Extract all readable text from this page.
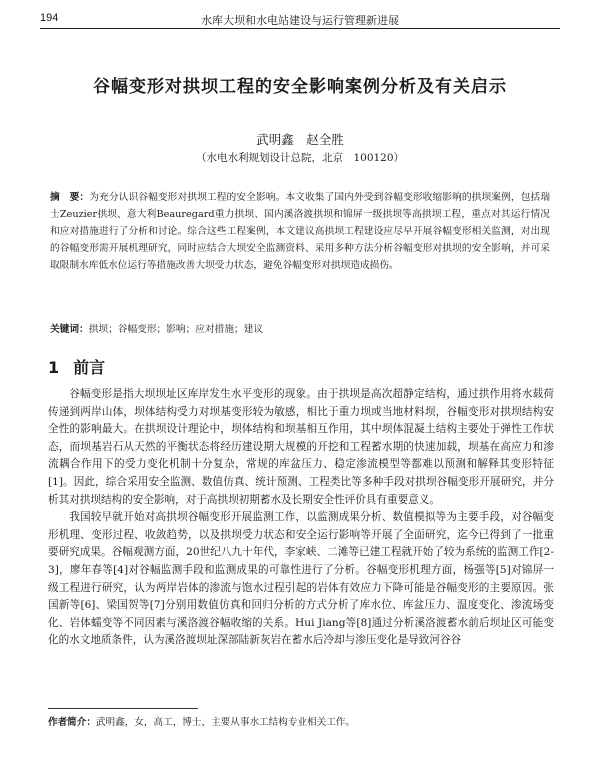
194	水库大坝和水电站建设与运行管理新进展
谷幅变形对拱坝工程的安全影响案例分析及有关启示
武明鑫　赵全胜
（水电水利规划设计总院，北京　100120）
摘　要：为充分认识谷幅变形对拱坝工程的安全影响。本文收集了国内外受到谷幅变形收缩影响的拱坝案例，包括瑞士Zeuzier拱坝、意大利Beauregard重力拱坝、国内溪洛渡拱坝和锦屏一级拱坝等高拱坝工程，重点对其运行情况和应对措施进行了分析和讨论。综合这些工程案例，本文建议高拱坝工程建设应尽早开展谷幅变形相关监测，对出现的谷幅变形需开展机理研究，同时应结合大坝安全监测资料、采用多种方法分析谷幅变形对拱坝的安全影响，并可采取限制水库低水位运行等措施改善大坝受力状态，避免谷幅变形对拱坝造成损伤。
关键词：拱坝；谷幅变形；影响；应对措施；建议
1 前言

谷幅变形是指大坝坝址区库岸发生水平变形的现象。由于拱坝是高次超静定结构，通过拱作用将水载荷传递到两岸山体，坝体结构受力对坝基变形较为敏感，相比于重力坝或当地材料坝，谷幅变形对拱坝结构安全性的影响最大。在拱坝设计理论中，坝体结构和坝基相互作用，其中坝体混凝土结构主要处于弹性工作状态，而坝基岩石从天然的平衡状态将经历建设期大规模的开挖和工程蓄水期的快速加载，坝基在高应力和渗流耦合作用下的受力变化机制十分复杂，常规的库盆压力、稳定渗流模型等都难以预测和解释其变形特征[1]。因此，综合采用安全监测、数值仿真、统计预测、工程类比等多种手段对拱坝谷幅变形开展研究，并分析其对拱坝结构的安全影响，对于高拱坝初期蓄水及长期安全性评价具有重要意义。

我国较早就开始对高拱坝谷幅变形开展监测工作，以监测成果分析、数值模拟等为主要手段，对谷幅变形机理、变形过程、收敛趋势，以及拱坝受力状态和安全运行影响等开展了全面研究，迄今已得到了一批重要研究成果。谷幅观测方面，20世纪八九十年代，李家峡、二滩等已建工程就开始了较为系统的监测工作[2-3]，廖年春等[4]对谷幅监测手段和监测成果的可靠性进行了分析。谷幅变形机理方面，杨强等[5]对锦屏一级工程进行研究，认为两岸岩体的渗流与饱水过程引起的岩体有效应力下降可能是谷幅变形的主要原因。张国新等[6]、梁国贺等[7]分别用数值仿真和回归分析的方式分析了库水位、库盆压力、温度变化、渗流场变化、岩体蠕变等不同因素与溪洛渡谷幅收缩的关系。Hui Jiang等[8]通过分析溪洛渡蓄水前后坝址区可能变化的水文地质条件，认为溪洛渡坝址深部陆新灰岩在蓄水后冷却与渗压变化是导致河谷谷

作者简介：武明鑫，女，高工，博士，主要从事水工结构专业相关工作。
